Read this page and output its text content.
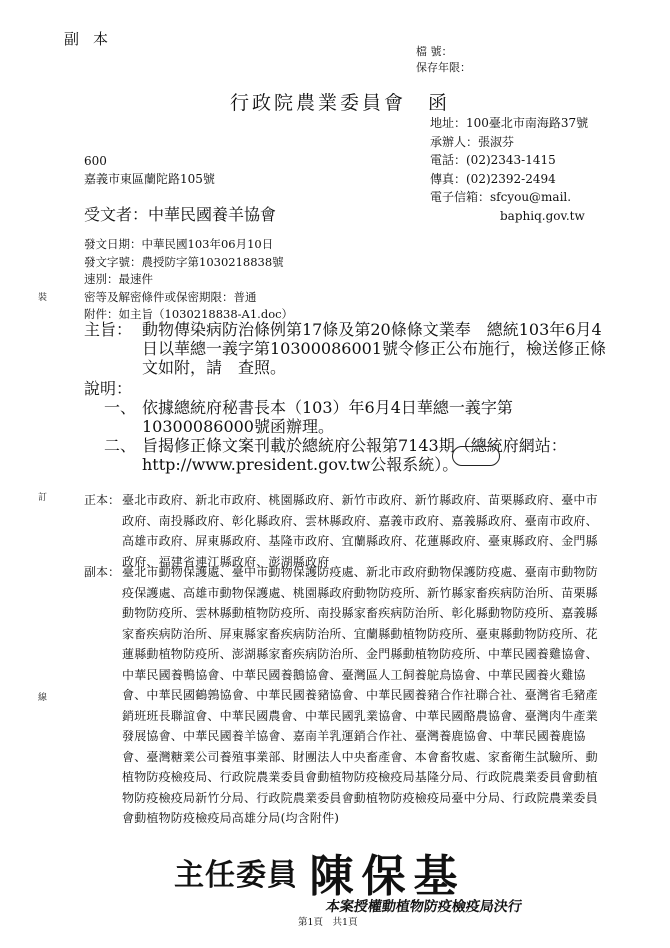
副本
檔 號：
保存年限：
行政院農業委員會　函
地址：100臺北市南海路37號
承辦人：張淑芬
電話：(02)2343-1415
傳真：(02)2392-2494
電子信箱：sfcyou@mail.
baphiq.gov.tw
600
嘉義市東區蘭陀路105號
受文者：中華民國養羊協會
發文日期：中華民國103年06月10日
發文字號：農授防字第1030218838號
速別：最速件
密等及解密條件或保密期限：普通
附件：如主旨（1030218838-A1.doc）
主旨： 動物傳染病防治條例第17條及第20條條文業奉　總統103年6月4日以華總一義字第10300086001號令修正公布施行，檢送修正條文如附，請　查照。
說明：
一、 依據總統府秘書長本（103）年6月4日華總一義字第10300086000號函辦理。
二、 旨揭修正條文案刊載於總統府公報第7143期（總統府網站：http://www.president.gov.tw公報系統）。
正本： 臺北市政府、新北市政府、桃園縣政府、新竹市政府、新竹縣政府、苗栗縣政府、臺中市政府、南投縣政府、彰化縣政府、雲林縣政府、嘉義市政府、嘉義縣政府、臺南市政府、高雄市政府、屏東縣政府、基隆市政府、宜蘭縣政府、花蓮縣政府、臺東縣政府、金門縣政府、福建省連江縣政府、澎湖縣政府
副本： 臺北市動物保護處、臺中市動物保護防疫處、新北市政府動物保護防疫處、臺南市動物防疫保護處、高雄市動物保護處、桃園縣政府動物防疫所、新竹縣家畜疾病防治所、苗栗縣動物防疫所、雲林縣動植物防疫所、南投縣家畜疾病防治所、彰化縣動物防疫所、嘉義縣家畜疾病防治所、屏東縣家畜疾病防治所、宜蘭縣動植物防疫所、臺東縣動物防疫所、花蓮縣動植物防疫所、澎湖縣家畜疾病防治所、金門縣動植物防疫所、中華民國養雞協會、中華民國養鴨協會、中華民國養鵝協會、臺灣區人工飼養鴕鳥協會、中華民國養火雞協會、中華民國鶴鶉協會、中華民國養豬協會、中華民國養豬合作社聯合社、臺灣省毛豬產銷班班長聯誼會、中華民國農會、中華民國乳業協會、中華民國酪農協會、臺灣肉牛產業發展協會、中華民國養羊協會、嘉南羊乳運銷合作社、臺灣養鹿協會、中華民國養鹿協會、臺灣糖業公司養殖事業部、財團法人中央畜產會、本會畜牧處、家畜衛生試驗所、動植物防疫檢疫局、行政院農業委員會動植物防疫檢疫局基隆分局、行政院農業委員會動植物防疫檢疫局新竹分局、行政院農業委員會動植物防疫檢疫局臺中分局、行政院農業委員會動植物防疫檢疫局高雄分局(均含附件)
裝
訂
線
主任委員 陳保基
本案授權動植物防疫檢疫局決行
第1頁　共1頁
